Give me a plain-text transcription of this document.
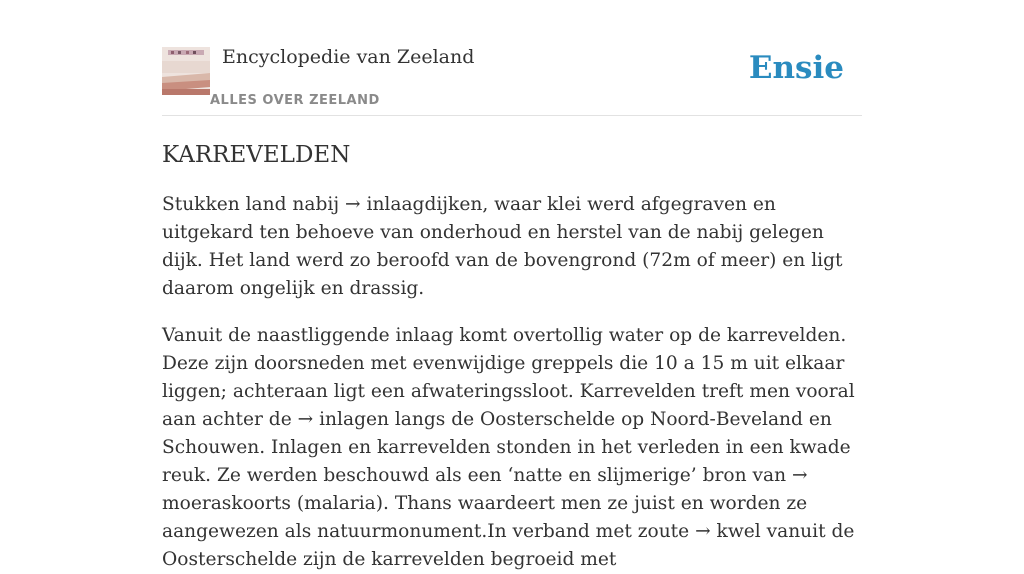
Encyclopedie van Zeeland
ALLES OVER ZEELAND
Ensie
KARREVELDEN

Stukken land nabij → inlaagdijken, waar klei werd afgegraven en uitgekard ten behoeve van onderhoud en herstel van de nabij gelegen dijk. Het land werd zo beroofd van de bovengrond (72m of meer) en ligt daarom ongelijk en drassig.

Vanuit de naastliggende inlaag komt overtollig water op de karrevelden. Deze zijn doorsneden met evenwijdige greppels die 10 a 15 m uit elkaar liggen; achteraan ligt een afwateringssloot. Karrevelden treft men vooral aan achter de → inlagen langs de Oosterschelde op Noord-Beveland en Schouwen. Inlagen en karrevelden stonden in het verleden in een kwade reuk. Ze werden beschouwd als een ‘natte en slijmerige’ bron van → moeraskoorts (malaria). Thans waardeert men ze juist en worden ze aangewezen als natuurmonument.In verband met zoute → kwel vanuit de Oosterschelde zijn de karrevelden begroeid met
